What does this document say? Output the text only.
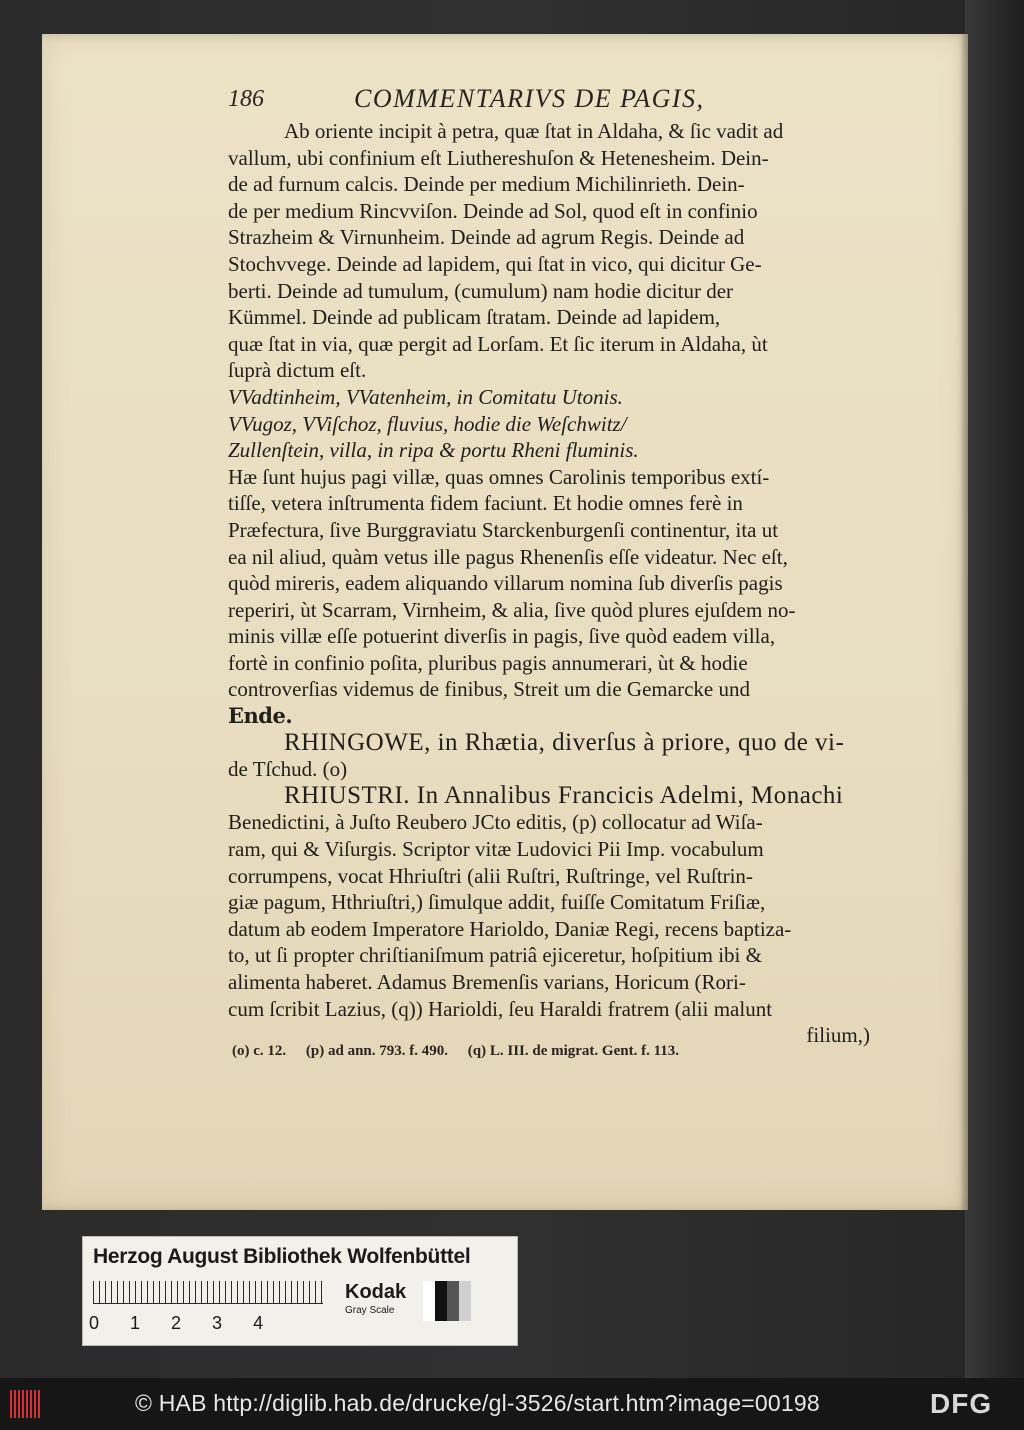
186	COMMENTARIVS DE PAGIS,
Ab oriente incipit à petra, quæ ſtat in Aldaha, & ſic vadit ad
vallum, ubi confinium eſt Liuthereshuſon & Hetenesheim. Dein-
de ad furnum calcis. Deinde per medium Michilinrieth. Dein-
de per medium Rincvviſon. Deinde ad Sol, quod eſt in confinio
Strazheim & Virnunheim. Deinde ad agrum Regis. Deinde ad
Stochvvege. Deinde ad lapidem, qui ſtat in vico, qui dicitur Ge-
berti. Deinde ad tumulum, (cumulum) nam hodie dicitur der
Kümmel. Deinde ad publicam ſtratam. Deinde ad lapidem,
quæ ſtat in via, quæ pergit ad Lorſam. Et ſic iterum in Aldaha, ùt
ſuprà dictum eſt.
VVadtinheim, VVatenheim, in Comitatu Utonis.
VVugoz, VViſchoz, fluvius, hodie die Weſchwitz/
Zullenſtein, villa, in ripa & portu Rheni fluminis.
Hæ ſunt hujus pagi villæ, quas omnes Carolinis temporibus extí-
tiſſe, vetera inſtrumenta fidem faciunt. Et hodie omnes ferè in
Præfectura, ſive Burggraviatu Starckenburgenſi continentur, ita ut
ea nil aliud, quàm vetus ille pagus Rhenenſis eſſe videatur. Nec eſt,
quòd mireris, eadem aliquando villarum nomina ſub diverſis pagis
reperiri, ùt Scarram, Virnheim, & alia, ſive quòd plures ejuſdem no-
minis villæ eſſe potuerint diverſis in pagis, ſive quòd eadem villa,
fortè in confinio poſita, pluribus pagis annumerari, ùt & hodie
controverſias videmus de finibus, Streit um die Gemarcke und
Ende.
RHINGOWE, in Rhætia, diverſus à priore, quo de vi-
de Tſchud. (o)
RHIUSTRI. In Annalibus Francicis Adelmi, Monachi
Benedictini, à Juſto Reubero JCto editis, (p) collocatur ad Wiſa-
ram, qui & Viſurgis. Scriptor vitæ Ludovici Pii Imp. vocabulum
corrumpens, vocat Hhriuſtri (alii Ruſtri, Ruſtringe, vel Ruſtrin-
giæ pagum, Hthriuſtri,) ſimulque addit, fuiſſe Comitatum Friſiæ,
datum ab eodem Imperatore Harioldo, Daniæ Regi, recens baptiza-
to, ut ſi propter chriſtianiſmum patriâ ejiceretur, hoſpitium ibi &
alimenta haberet. Adamus Bremenſis varians, Horicum (Rori-
cum ſcribit Lazius, (q)) Harioldi, ſeu Haraldi fratrem (alii malunt
filium,)
(o) c. 12. (p) ad ann. 793. f. 490. (q) L. III. de migrat. Gent. f. 113.
Herzog August Bibliothek Wolfenbüttel
0 1 2 3 4
Kodak
Gray Scale
© HAB http://diglib.hab.de/drucke/gl-3526/start.htm?image=00198	DFG
